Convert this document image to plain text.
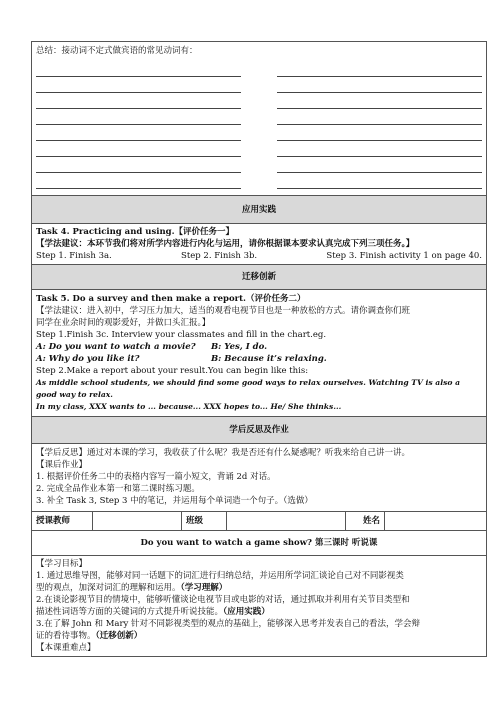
总结：接动词不定式做宾语的常见动词有：

应用实践

Task 4. Practicing and using.【评价任务一】
【学法建议：本环节我们将对所学内容进行内化与运用，请你根据课本要求认真完成下列三项任务。】
Step 1. Finish 3a.	Step 2. Finish 3b.	Step 3. Finish activity 1 on page 40.

迁移创新

Task 5. Do a survey and then make a report.（评价任务二）
【学法建议：进入初中，学习压力加大，适当的观看电视节目也是一种放松的方式。请你调查你们班
同学在业余时间的观影爱好，并做口头汇报。】
Step 1.Finish 3c. Interview your classmates and fill in the chart.eg.
A: Do you want to watch a movie?	B: Yes, I do.
A: Why do you like it?	B: Because it’s relaxing.
Step 2.Make a report about your result.You can begin like this:
As middle school students, we should find some good ways to relax ourselves. Watching TV is also a good way to relax.
In my class, XXX wants to ... because... XXX hopes to... He/ She thinks...

学后反思及作业

【学后反思】通过对本课的学习，我收获了什么呢？我是否还有什么疑惑呢？听我来给自己讲一讲。
【课后作业】
1. 根据评价任务二中的表格内容写一篇小短文，背诵 2d 对话。
2. 完成全品作业本第一和第二课时练习题。
3. 补全 Task 3, Step 3 中的笔记，并运用每个单词造一个句子。（选做）

授课教师		班级		姓名	

Do you want to watch a game show? 第三课时 听说课

【学习目标】
1. 通过思维导图，能够对同一话题下的词汇进行归纳总结，并运用所学词汇谈论自己对不同影视类
型的观点，加深对词汇的理解和运用。（学习理解）
2.在谈论影视节目的情境中，能够听懂谈论电视节目或电影的对话，通过抓取并利用有关节目类型和
描述性词语等方面的关键词的方式提升听说技能。（应用实践）
3.在了解 John 和 Mary 针对不同影视类型的观点的基础上，能够深入思考并发表自己的看法，学会辩
证的看待事物。（迁移创新）
【本课重难点】
